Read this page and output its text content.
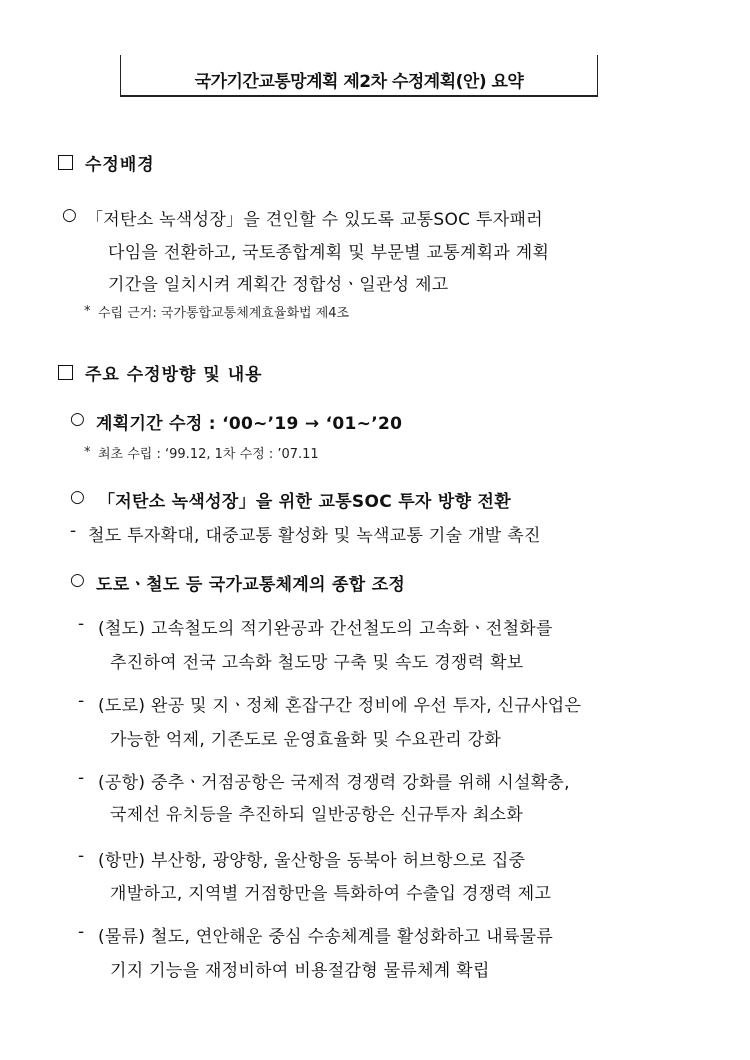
국가기간교통망계획 제2차 수정계획(안) 요약
수정배경
○ 「저탄소 녹색성장」을 견인할 수 있도록 교통SOC 투자패러
다임을 전환하고, 국토종합계획 및 부문별 교통계획과 계획
기간을 일치시켜 계획간 정합성ㆍ일관성 제고
* 수립 근거: 국가통합교통체계효율화법 제4조
주요 수정방향 및 내용
○ 계획기간 수정 : ‘00∼’19 → ‘01∼’20
* 최초 수립 : ‘99.12, 1차 수정 : ’07.11
○ 「저탄소 녹색성장」을 위한 교통SOC 투자 방향 전환
- 철도 투자확대, 대중교통 활성화 및 녹색교통 기술 개발 촉진
○ 도로ㆍ철도 등 국가교통체계의 종합 조정
- (철도) 고속철도의 적기완공과 간선철도의 고속화ㆍ전철화를
추진하여 전국 고속화 철도망 구축 및 속도 경쟁력 확보
- (도로) 완공 및 지ㆍ정체 혼잡구간 정비에 우선 투자, 신규사업은
가능한 억제, 기존도로 운영효율화 및 수요관리 강화
- (공항) 중추ㆍ거점공항은 국제적 경쟁력 강화를 위해 시설확충,
국제선 유치등을 추진하되 일반공항은 신규투자 최소화
- (항만) 부산항, 광양항, 울산항을 동북아 허브항으로 집중
개발하고, 지역별 거점항만을 특화하여 수출입 경쟁력 제고
- (물류) 철도, 연안해운 중심 수송체계를 활성화하고 내륙물류
기지 기능을 재정비하여 비용절감형 물류체계 확립
